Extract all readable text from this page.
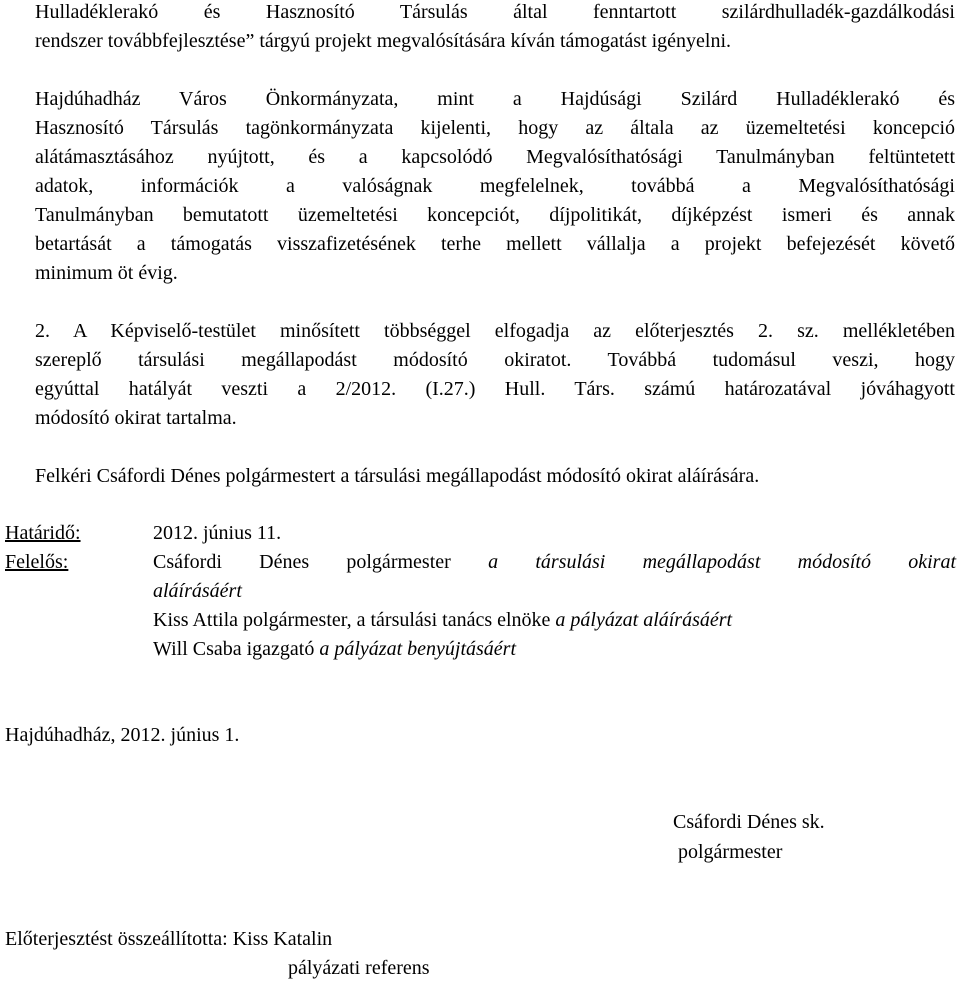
Hulladéklerakó és Hasznosító Társulás által fenntartott szilárdhulladék-gazdálkodási
rendszer továbbfejlesztése” tárgyú projekt megvalósítására kíván támogatást igényelni.
Hajdúhadház Város Önkormányzata, mint a Hajdúsági Szilárd Hulladéklerakó és
Hasznosító Társulás tagönkormányzata kijelenti, hogy az általa az üzemeltetési koncepció
alátámasztásához nyújtott, és a kapcsolódó Megvalósíthatósági Tanulmányban feltüntetett
adatok, információk a valóságnak megfelelnek, továbbá a Megvalósíthatósági
Tanulmányban bemutatott üzemeltetési koncepciót, díjpolitikát, díjképzést ismeri és annak
betartását a támogatás visszafizetésének terhe mellett vállalja a projekt befejezését követő
minimum öt évig.
2. A Képviselő-testület minősített többséggel elfogadja az előterjesztés 2. sz. mellékletében
szereplő társulási megállapodást módosító okiratot. Továbbá tudomásul veszi, hogy
egyúttal hatályát veszti a 2/2012. (I.27.) Hull. Társ. számú határozatával jóváhagyott
módosító okirat tartalma.
Felkéri Csáfordi Dénes polgármestert a társulási megállapodást módosító okirat aláírására.
Határidő:	2012. június 11.
Felelős:	Csáfordi Dénes polgármester a társulási megállapodást módosító okirat
aláírásáért
Kiss Attila polgármester, a társulási tanács elnöke a pályázat aláírásáért
Will Csaba igazgató a pályázat benyújtásáért
Hajdúhadház, 2012. június 1.
Csáfordi Dénes sk.
polgármester
Előterjesztést összeállította: Kiss Katalin
pályázati referens
